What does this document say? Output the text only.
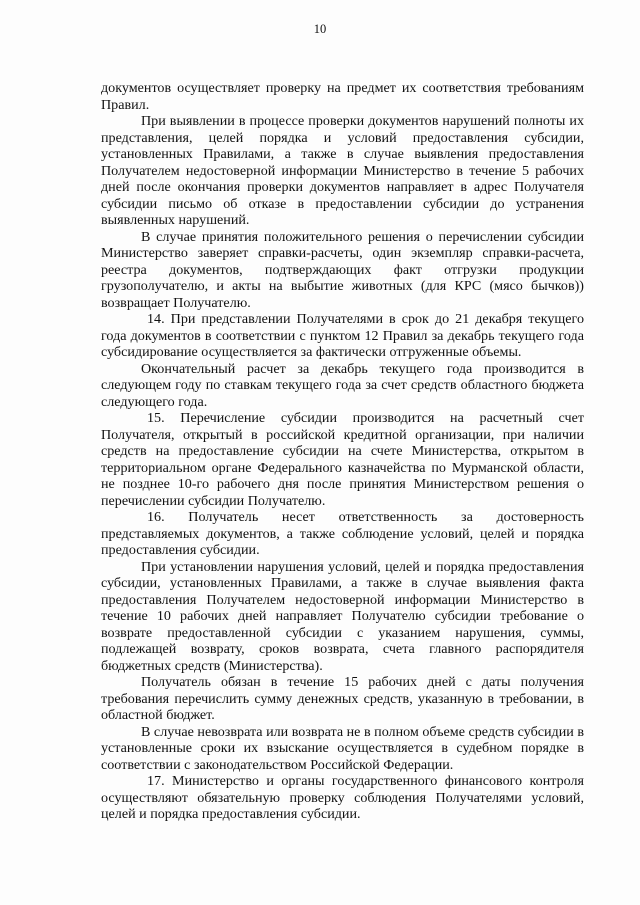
10

документов осуществляет проверку на предмет их соответствия требованиям Правил.

При выявлении в процессе проверки документов нарушений полноты их представления, целей порядка и условий предоставления субсидии, установленных Правилами, а также в случае выявления предоставления Получателем недостоверной информации Министерство в течение 5 рабочих дней после окончания проверки документов направляет в адрес Получателя субсидии письмо об отказе в предоставлении субсидии до устранения выявленных нарушений.

В случае принятия положительного решения о перечислении субсидии Министерство заверяет справки-расчеты, один экземпляр справки-расчета, реестра документов, подтверждающих факт отгрузки продукции грузополучателю, и акты на выбытие животных (для КРС (мясо бычков)) возвращает Получателю.

14. При представлении Получателями в срок до 21 декабря текущего года документов в соответствии с пунктом 12 Правил за декабрь текущего года субсидирование осуществляется за фактически отгруженные объемы.

Окончательный расчет за декабрь текущего года производится в следующем году по ставкам текущего года за счет средств областного бюджета следующего года.

15. Перечисление субсидии производится на расчетный счет Получателя, открытый в российской кредитной организации, при наличии средств на предоставление субсидии на счете Министерства, открытом в территориальном органе Федерального казначейства по Мурманской области, не позднее 10-го рабочего дня после принятия Министерством решения о перечислении субсидии Получателю.

16. Получатель несет ответственность за достоверность представляемых документов, а также соблюдение условий, целей и порядка предоставления субсидии.

При установлении нарушения условий, целей и порядка предоставления субсидии, установленных Правилами, а также в случае выявления факта предоставления Получателем недостоверной информации Министерство в течение 10 рабочих дней направляет Получателю субсидии требование о возврате предоставленной субсидии с указанием нарушения, суммы, подлежащей возврату, сроков возврата, счета главного распорядителя бюджетных средств (Министерства).

Получатель обязан в течение 15 рабочих дней с даты получения требования перечислить сумму денежных средств, указанную в требовании, в областной бюджет.

В случае невозврата или возврата не в полном объеме средств субсидии в установленные сроки их взыскание осуществляется в судебном порядке в соответствии с законодательством Российской Федерации.

17. Министерство и органы государственного финансового контроля осуществляют обязательную проверку соблюдения Получателями условий, целей и порядка предоставления субсидии.
